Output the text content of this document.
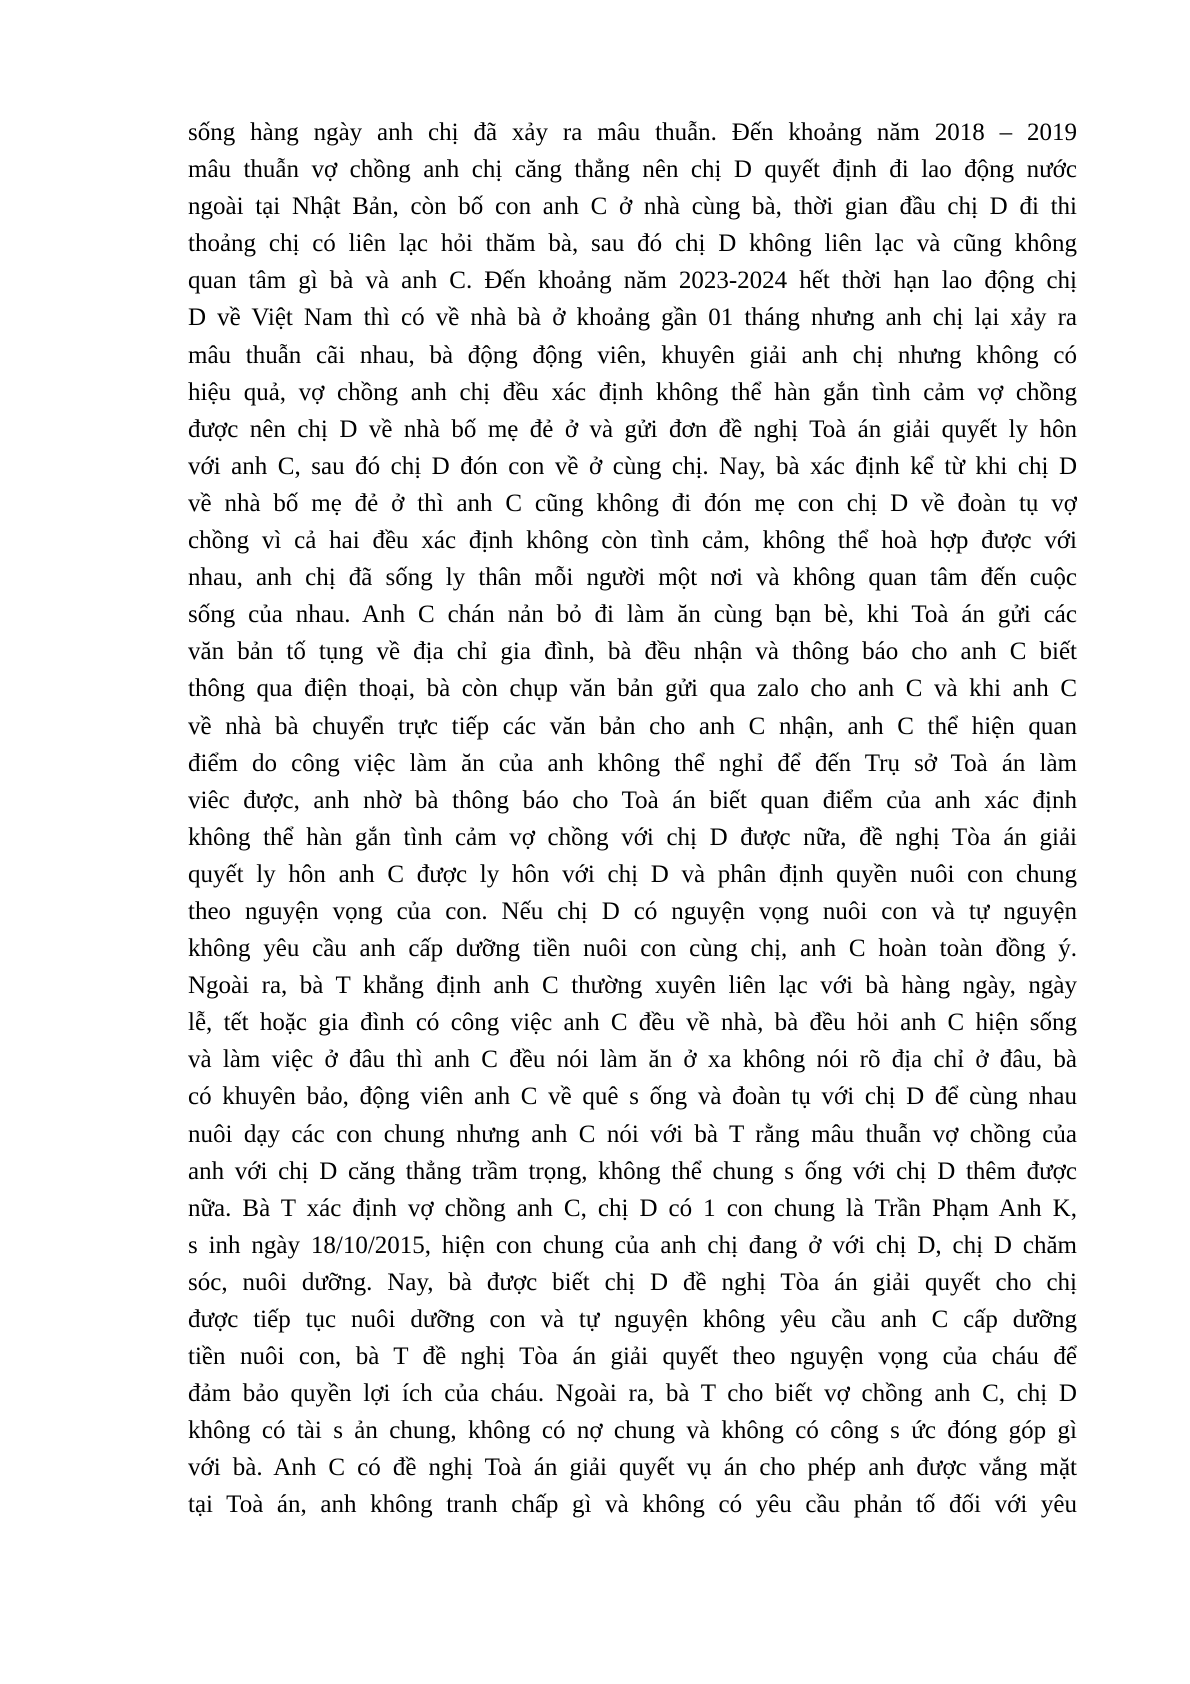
sống hàng ngày anh chị đã xảy ra mâu thuẫn. Đến khoảng năm 2018 – 2019
mâu thuẫn vợ chồng anh chị căng thẳng nên chị D quyết định đi lao động nước
ngoài tại Nhật Bản, còn bố con anh C ở nhà cùng bà, thời gian đầu chị D đi thi
thoảng chị có liên lạc hỏi thăm bà, sau đó chị D không liên lạc và cũng không
quan tâm gì bà và anh C. Đến khoảng năm 2023-2024 hết thời hạn lao động chị
D về Việt Nam thì có về nhà bà ở khoảng gần 01 tháng nhưng anh chị lại xảy ra
mâu thuẫn cãi nhau, bà động động viên, khuyên giải anh chị nhưng không có
hiệu quả, vợ chồng anh chị đều xác định không thể hàn gắn tình cảm vợ chồng
được nên chị D về nhà bố mẹ đẻ ở và gửi đơn đề nghị Toà án giải quyết ly hôn
với anh C, sau đó chị D đón con về ở cùng chị. Nay, bà xác định kể từ khi chị D
về nhà bố mẹ đẻ ở thì anh C cũng không đi đón mẹ con chị D về đoàn tụ vợ
chồng vì cả hai đều xác định không còn tình cảm, không thể hoà hợp được với
nhau, anh chị đã sống ly thân mỗi người một nơi và không quan tâm đến cuộc
sống của nhau. Anh C chán nản bỏ đi làm ăn cùng bạn bè, khi Toà án gửi các
văn bản tố tụng về địa chỉ gia đình, bà đều nhận và thông báo cho anh C biết
thông qua điện thoại, bà còn chụp văn bản gửi qua zalo cho anh C và khi anh C
về nhà bà chuyển trực tiếp các văn bản cho anh C nhận, anh C thể hiện quan
điểm do công việc làm ăn của anh không thể nghỉ để đến Trụ sở Toà án làm
viêc được, anh nhờ bà thông báo cho Toà án biết quan điểm của anh xác định
không thể hàn gắn tình cảm vợ chồng với chị D được nữa, đề nghị Tòa án giải
quyết ly hôn anh C được ly hôn với chị D và phân định quyền nuôi con chung
theo nguyện vọng của con. Nếu chị D có nguyện vọng nuôi con và tự nguyện
không yêu cầu anh cấp dưỡng tiền nuôi con cùng chị, anh C hoàn toàn đồng ý.
Ngoài ra, bà T khẳng định anh C thường xuyên liên lạc với bà hàng ngày, ngày
lễ, tết hoặc gia đình có công việc anh C đều về nhà, bà đều hỏi anh C hiện sống
và làm việc ở đâu thì anh C đều nói làm ăn ở xa không nói rõ địa chỉ ở đâu, bà
có khuyên bảo, động viên anh C về quê s ống và đoàn tụ với chị D để cùng nhau
nuôi dạy các con chung nhưng anh C nói với bà T rằng mâu thuẫn vợ chồng của
anh với chị D căng thẳng trầm trọng, không thể chung s ống với chị D thêm được
nữa. Bà T xác định vợ chồng anh C, chị D có 1 con chung là Trần Phạm Anh K,
s inh ngày 18/10/2015, hiện con chung của anh chị đang ở với chị D, chị D chăm
sóc, nuôi dưỡng. Nay, bà được biết chị D đề nghị Tòa án giải quyết cho chị
được tiếp tục nuôi dưỡng con và tự nguyện không yêu cầu anh C cấp dưỡng
tiền nuôi con, bà T đề nghị Tòa án giải quyết theo nguyện vọng của cháu để
đảm bảo quyền lợi ích của cháu. Ngoài ra, bà T cho biết vợ chồng anh C, chị D
không có tài s ản chung, không có nợ chung và không có công s ức đóng góp gì
với bà. Anh C có đề nghị Toà án giải quyết vụ án cho phép anh được vắng mặt
tại Toà án, anh không tranh chấp gì và không có yêu cầu phản tố đối với yêu
